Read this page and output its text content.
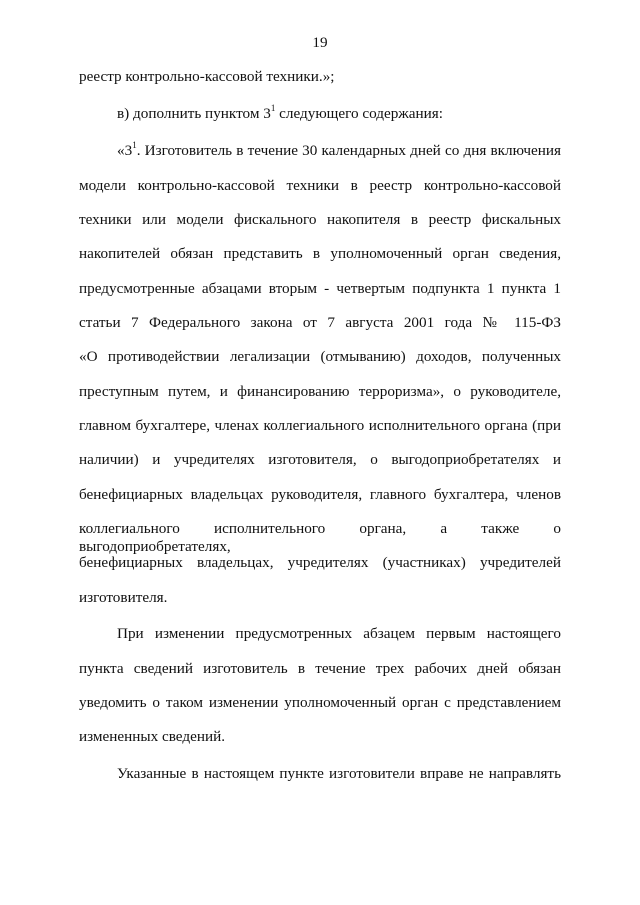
19
реестр контрольно-кассовой техники.»;
в) дополнить пунктом $3^1$ следующего содержания:
«$3^1$. Изготовитель в течение 30 календарных дней со дня включения
модели контрольно-кассовой техники в реестр контрольно-кассовой
техники или модели фискального накопителя в реестр фискальных
накопителей обязан представить в уполномоченный орган сведения,
предусмотренные абзацами вторым - четвертым подпункта 1 пункта 1
статьи 7 Федерального закона от 7 августа 2001 года № 115-ФЗ
«О противодействии легализации (отмыванию) доходов, полученных
преступным путем, и финансированию терроризма», о руководителе,
главном бухгалтере, членах коллегиального исполнительного органа (при
наличии) и учредителях изготовителя, о выгодоприобретателях и
бенефициарных владельцах руководителя, главного бухгалтера, членов
коллегиального исполнительного органа, а также о выгодоприобретателях,
бенефициарных владельцах, учредителях (участниках) учредителей
изготовителя.
При изменении предусмотренных абзацем первым настоящего
пункта сведений изготовитель в течение трех рабочих дней обязан
уведомить о таком изменении уполномоченный орган с представлением
измененных сведений.
Указанные в настоящем пункте изготовители вправе не направлять
